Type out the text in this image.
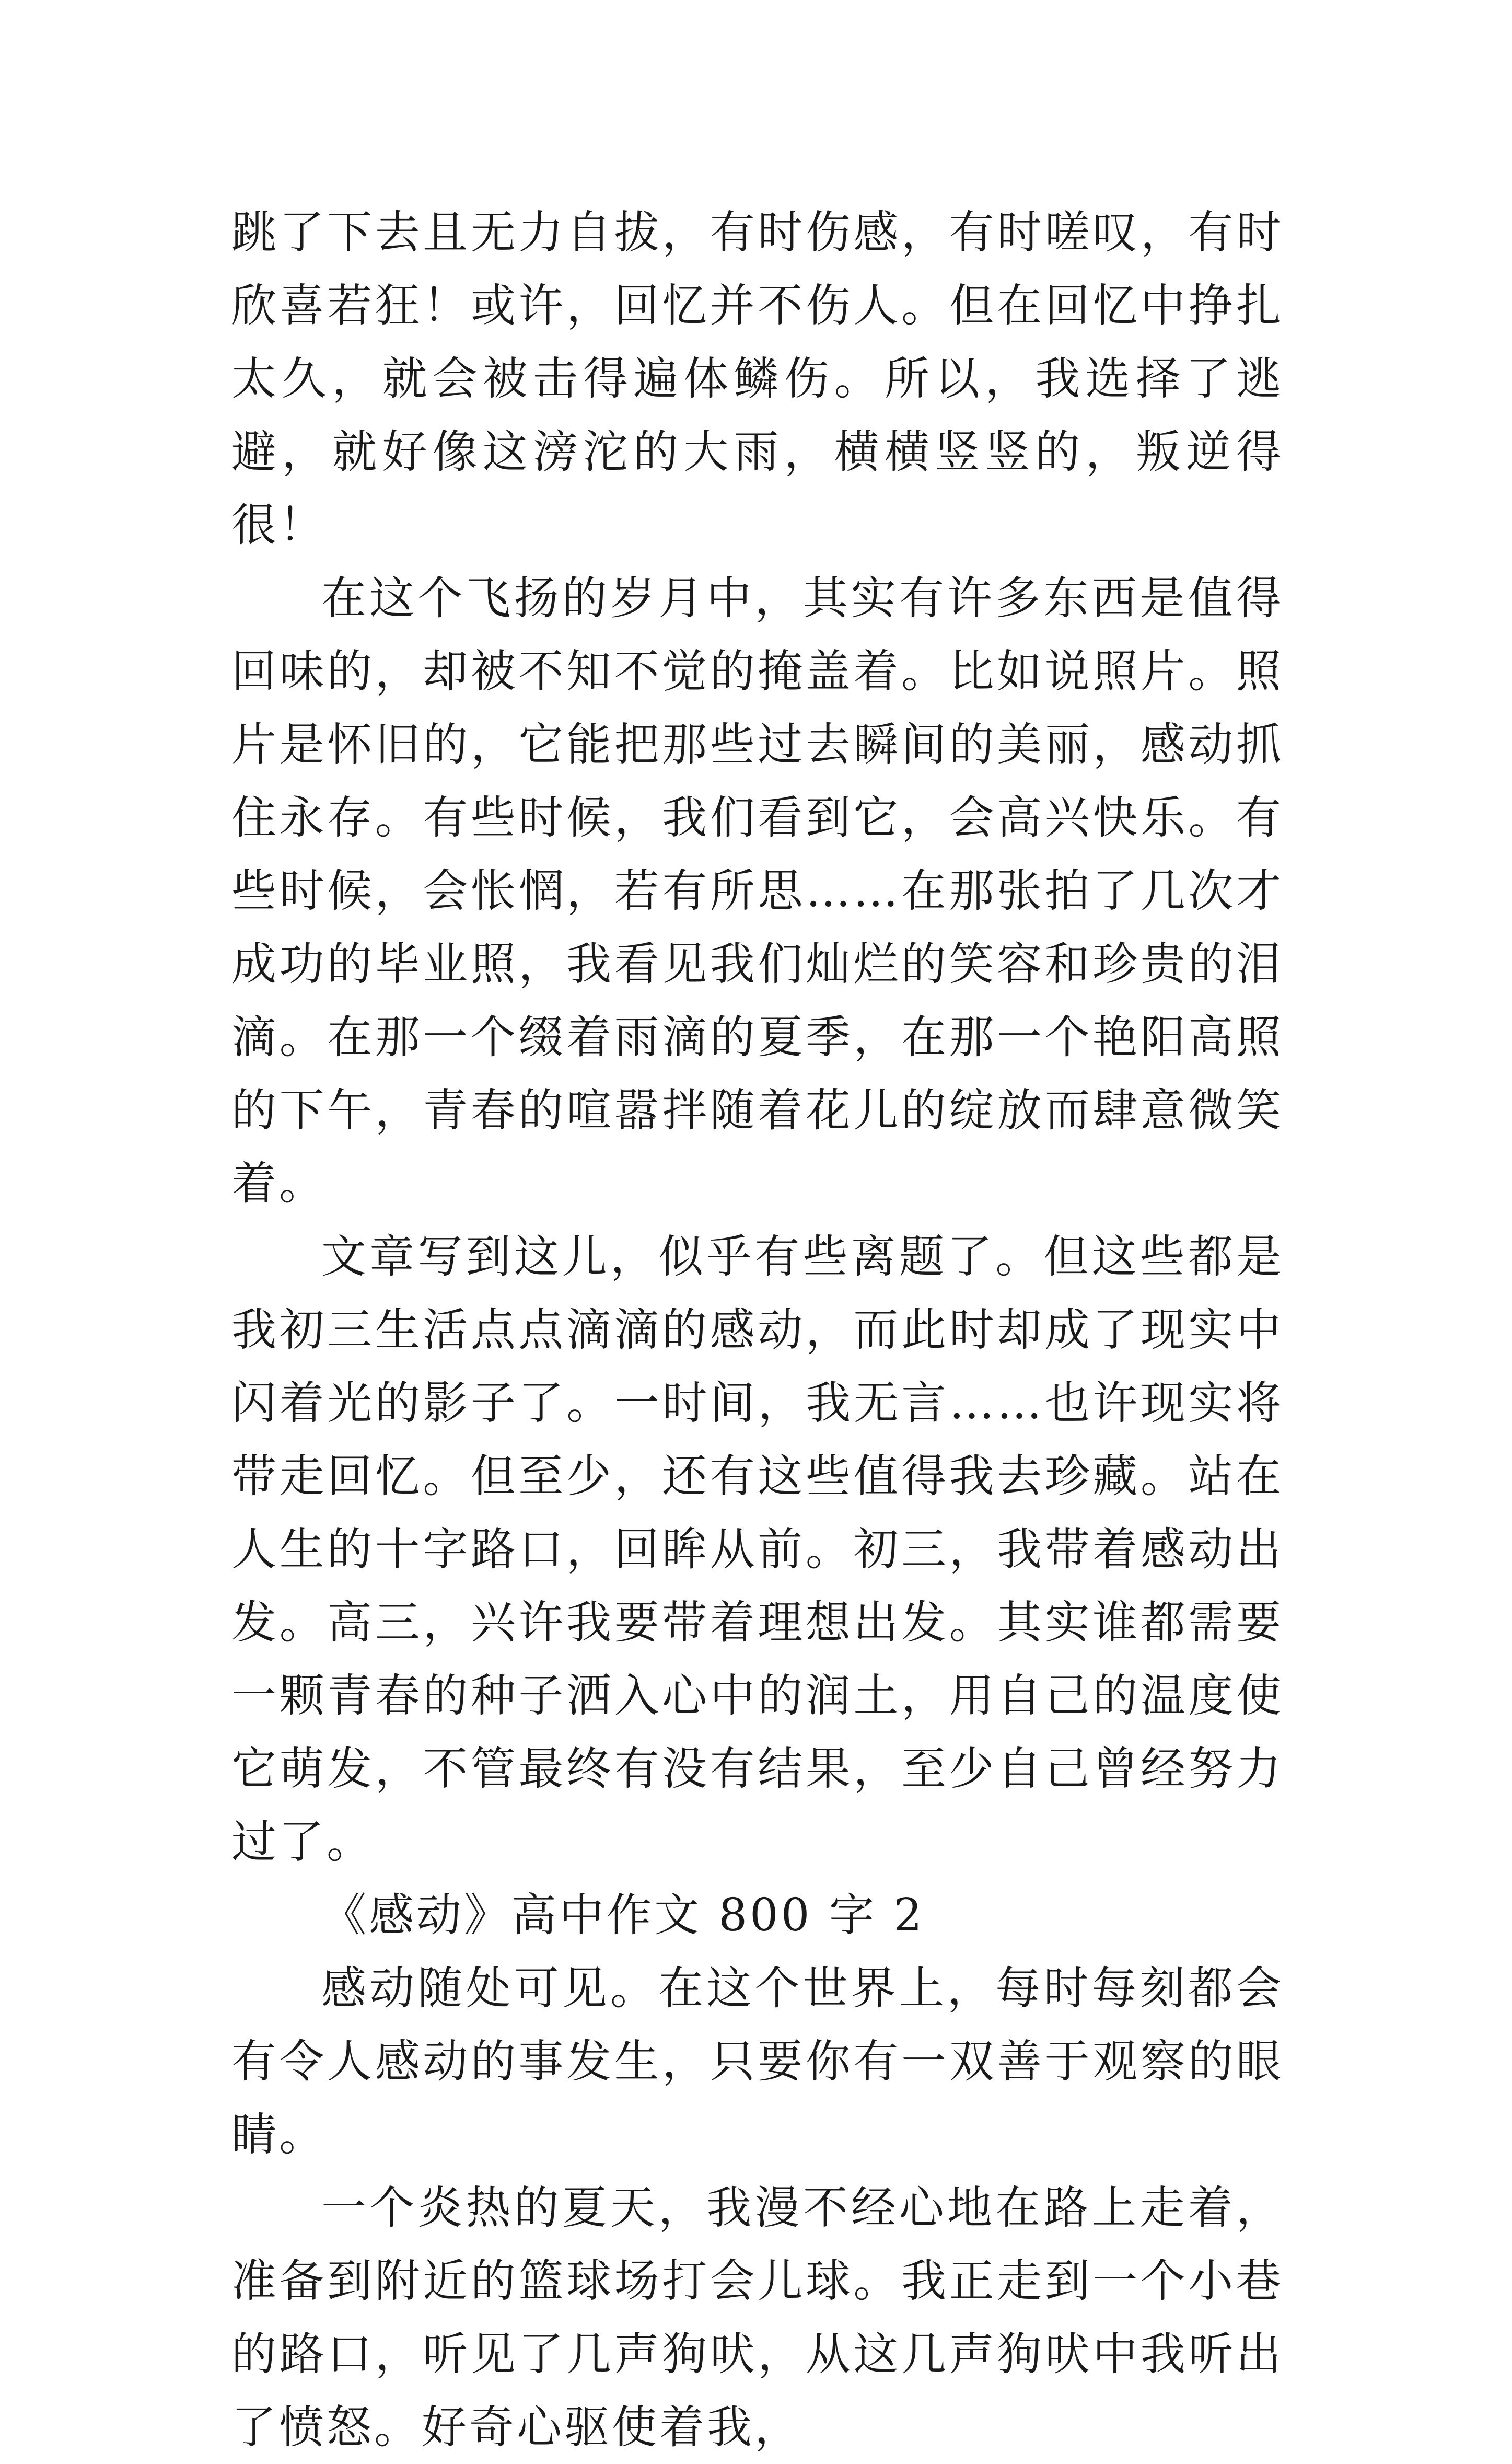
跳了下去且无力自拔，有时伤感，有时嗟叹，有时欣喜若狂！或许，回忆并不伤人。但在回忆中挣扎太久，就会被击得遍体鳞伤。所以，我选择了逃避，就好像这滂沱的大雨，横横竖竖的，叛逆得很！

在这个飞扬的岁月中，其实有许多东西是值得回味的，却被不知不觉的掩盖着。比如说照片。照片是怀旧的，它能把那些过去瞬间的美丽，感动抓住永存。有些时候，我们看到它，会高兴快乐。有些时候，会怅惘，若有所思……在那张拍了几次才成功的毕业照，我看见我们灿烂的笑容和珍贵的泪滴。在那一个缀着雨滴的夏季，在那一个艳阳高照的下午，青春的喧嚣拌随着花儿的绽放而肆意微笑着。

文章写到这儿，似乎有些离题了。但这些都是我初三生活点点滴滴的感动，而此时却成了现实中闪着光的影子了。一时间，我无言……也许现实将带走回忆。但至少，还有这些值得我去珍藏。站在人生的十字路口，回眸从前。初三，我带着感动出发。高三，兴许我要带着理想出发。其实谁都需要一颗青春的种子洒入心中的润土，用自己的温度使它萌发，不管最终有没有结果，至少自己曾经努力过了。

《感动》高中作文 800 字 2

感动随处可见。在这个世界上，每时每刻都会有令人感动的事发生，只要你有一双善于观察的眼睛。

一个炎热的夏天，我漫不经心地在路上走着，准备到附近的篮球场打会儿球。我正走到一个小巷的路口，听见了几声狗吠，从这几声狗吠中我听出了愤怒。好奇心驱使着我，
